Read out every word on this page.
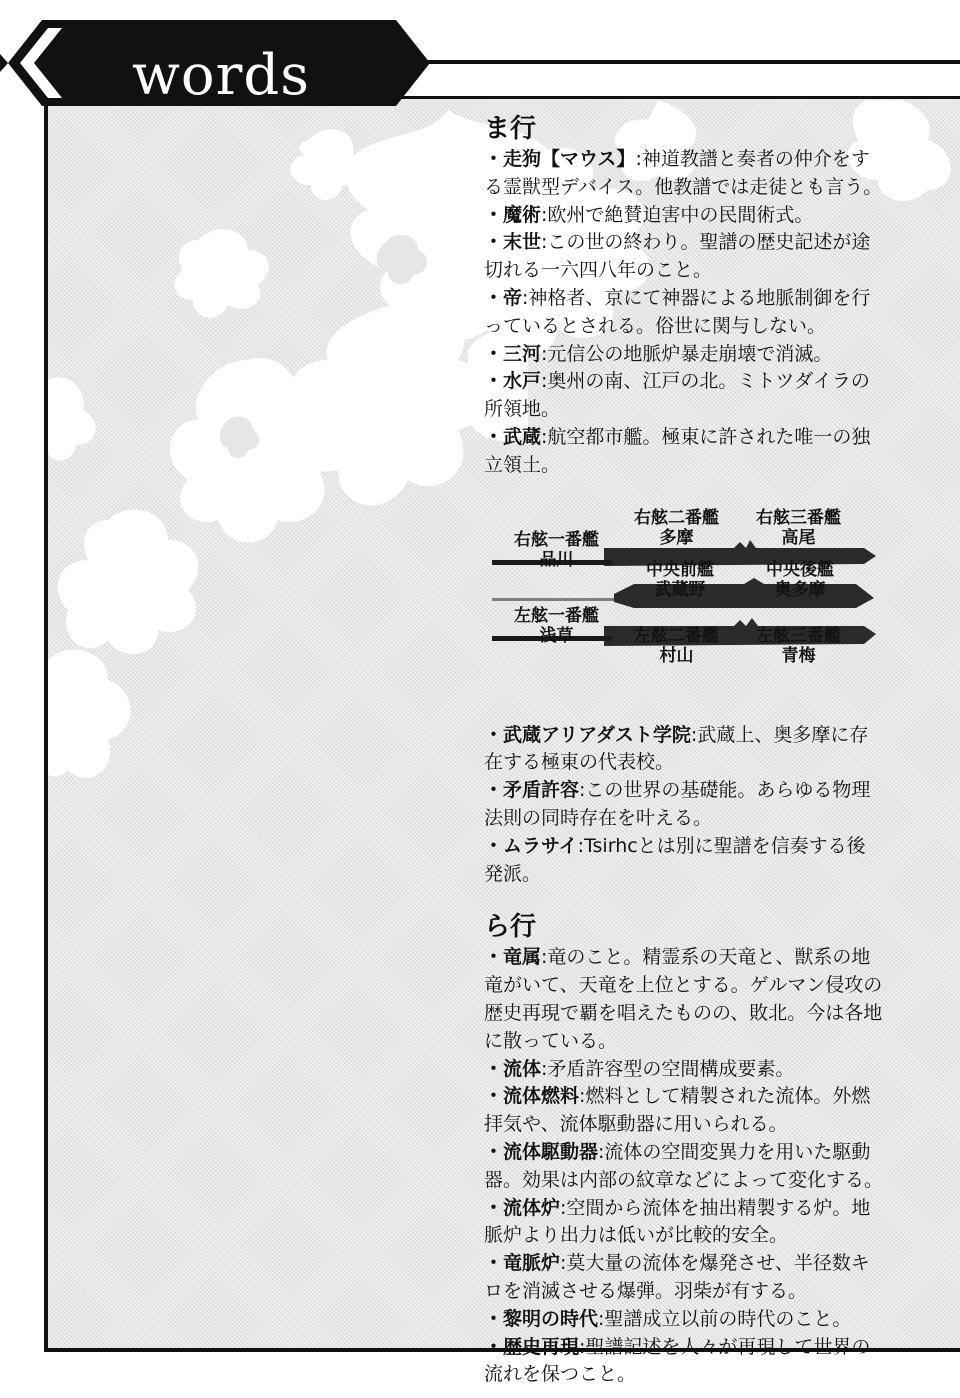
words
ま行

・走狗【マウス】:神道教譜と奏者の仲介をする霊獣型デバイス。他教譜では走徒とも言う。

・魔術:欧州で絶賛迫害中の民間術式。

・末世:この世の終わり。聖譜の歴史記述が途切れる一六四八年のこと。

・帝:神格者、京にて神器による地脈制御を行っているとされる。俗世に関与しない。

・三河:元信公の地脈炉暴走崩壊で消滅。

・水戸:奥州の南、江戸の北。ミトツダイラの所領地。

・武蔵:航空都市艦。極東に許された唯一の独立領土。

右舷一番艦
品川
右舷二番艦
多摩
右舷三番艦
高尾
中央前艦
武蔵野
中央後艦
奥多摩
左舷一番艦
浅草	左舷二番艦
村山
左舷三番艦
青梅

・武蔵アリアダスト学院:武蔵上、奥多摩に存在する極東の代表校。

・矛盾許容:この世界の基礎能。あらゆる物理法則の同時存在を叶える。

・ムラサイ:Tsirhcとは別に聖譜を信奏する後発派。

ら行

・竜属:竜のこと。精霊系の天竜と、獣系の地竜がいて、天竜を上位とする。ゲルマン侵攻の歴史再現で覇を唱えたものの、敗北。今は各地に散っている。

・流体:矛盾許容型の空間構成要素。

・流体燃料:燃料として精製された流体。外燃拝気や、流体駆動器に用いられる。

・流体駆動器:流体の空間変異力を用いた駆動器。効果は内部の紋章などによって変化する。

・流体炉:空間から流体を抽出精製する炉。地脈炉より出力は低いが比較的安全。

・竜脈炉:莫大量の流体を爆発させ、半径数キロを消滅させる爆弾。羽柴が有する。

・黎明の時代:聖譜成立以前の時代のこと。

・歴史再現:聖譜記述を人々が再現して世界の流れを保つこと。
